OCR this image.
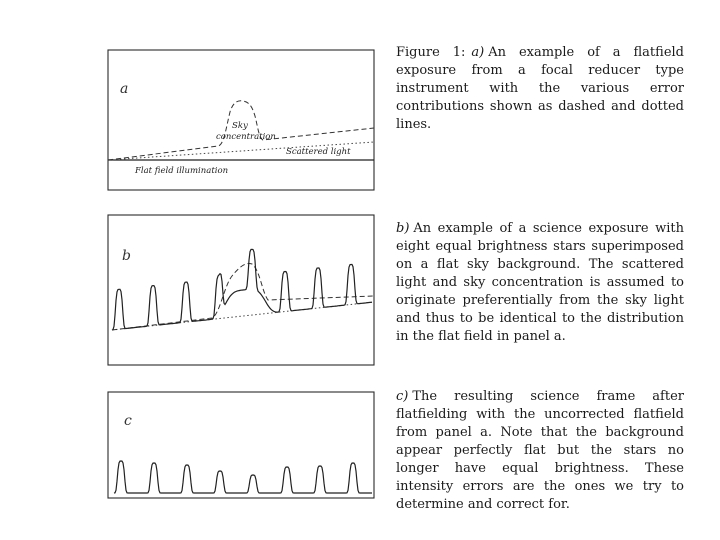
a
Sky
concentration
Scattered light
Flat field illumination
b
c
Figure 1: a) An example of a flatfield exposure from a focal reducer type instrument with the various error contributions shown as dashed and dotted lines.
b) An example of a science exposure with eight equal brightness stars superimposed on a flat sky background. The scattered light and sky concentration is assumed to originate preferentially from the sky light and thus to be identical to the distribution in the flat field in panel a.
c) The resulting science frame after flatfielding with the uncorrected flatfield from panel a. Note that the background appear perfectly flat but the stars no longer have equal brightness. These intensity errors are the ones we try to determine and correct for.
